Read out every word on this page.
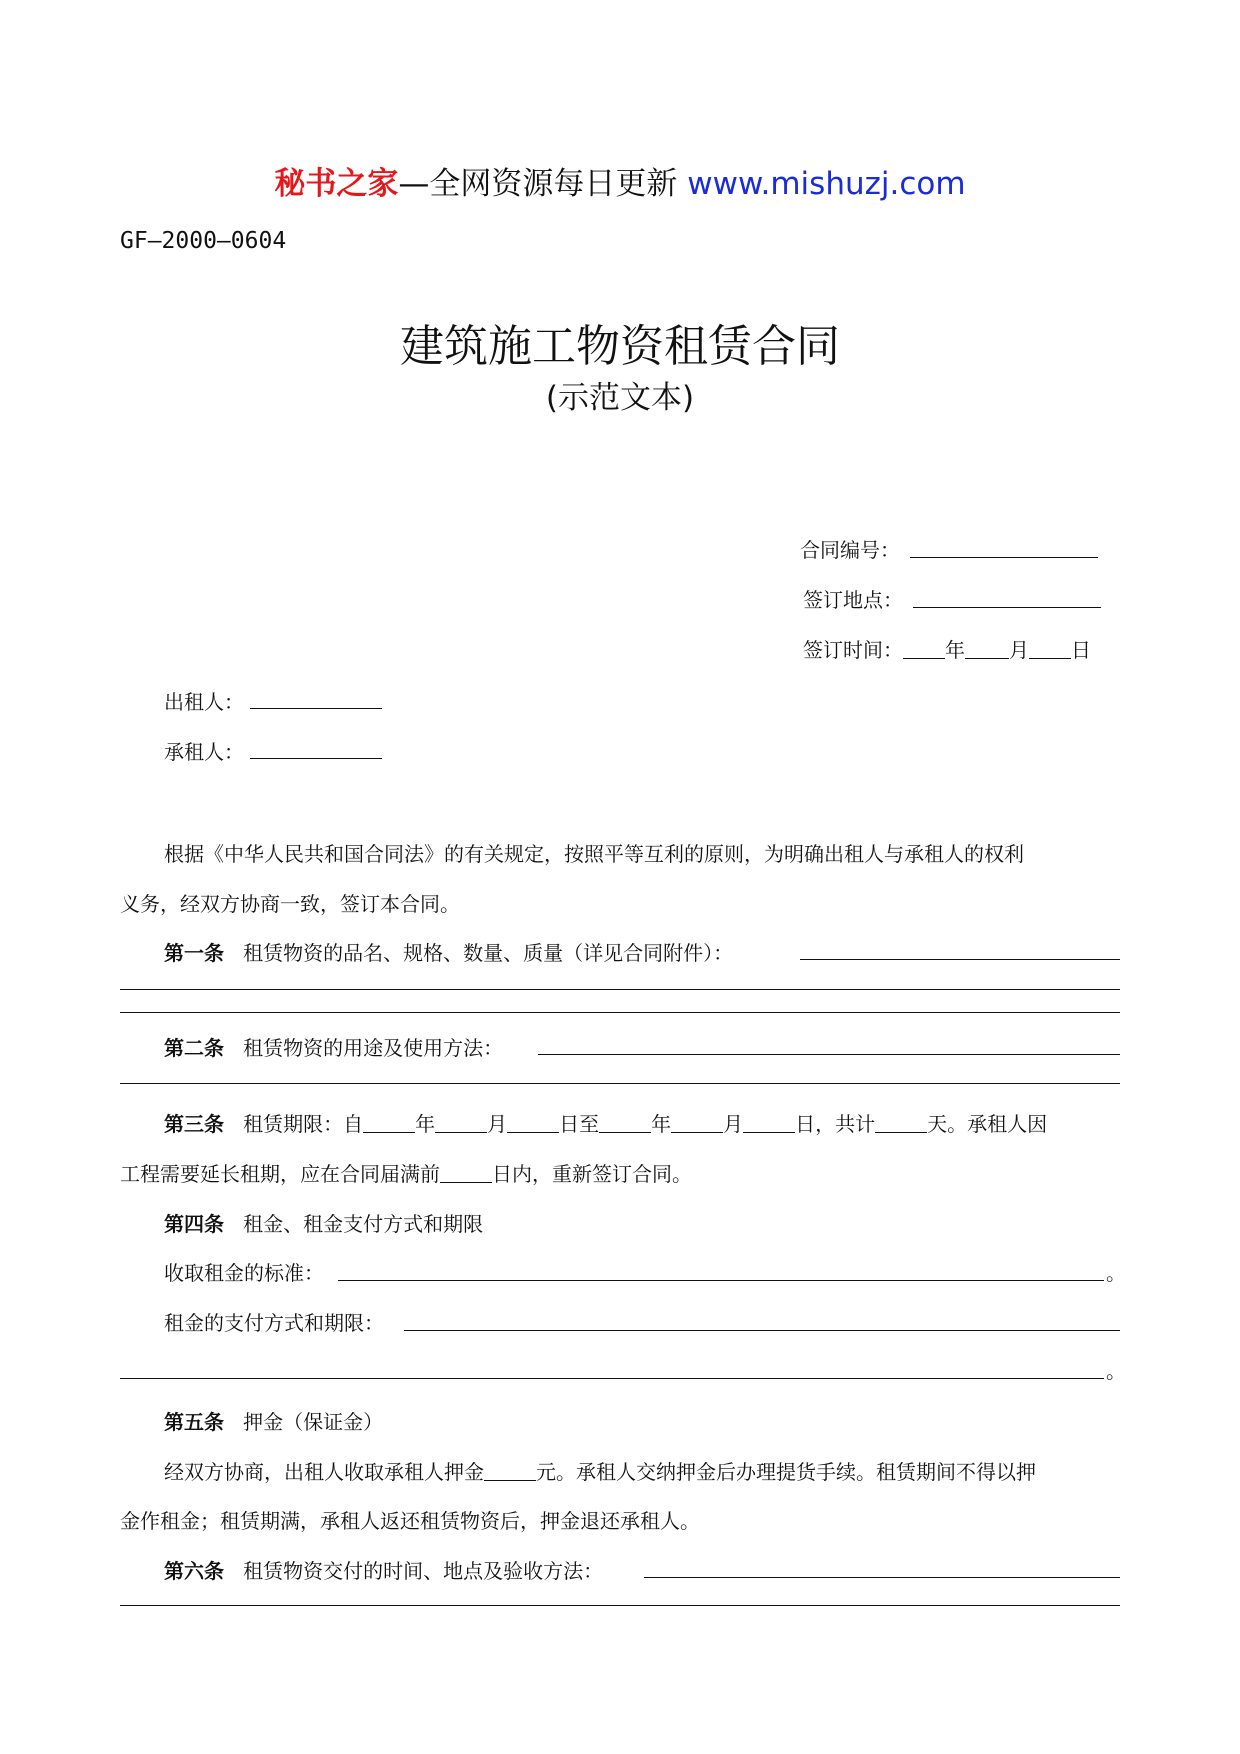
秘书之家—全网资源每日更新 www.mishuzj.com
GF—2000—0604
建筑施工物资租赁合同
(示范文本)
合同编号：
签订地点：
签订时间： 年 月 日
出租人：
承租人：
根据《中华人民共和国合同法》的有关规定，按照平等互利的原则，为明确出租人与承租人的权利
义务，经双方协商一致，签订本合同。
第一条 租赁物资的品名、规格、数量、质量（详见合同附件）：
第二条 租赁物资的用途及使用方法：
第三条 租赁期限：自	年	月	日至	年	月	日，共计	天。承租人因
工程需要延长租期，应在合同届满前	日内，重新签订合同。
第四条 租金、租金支付方式和期限
收取租金的标准：	。
租金的支付方式和期限：
。
第五条 押金（保证金）
经双方协商，出租人收取承租人押金	元。承租人交纳押金后办理提货手续。租赁期间不得以押
金作租金；租赁期满，承租人返还租赁物资后，押金退还承租人。
第六条 租赁物资交付的时间、地点及验收方法：
